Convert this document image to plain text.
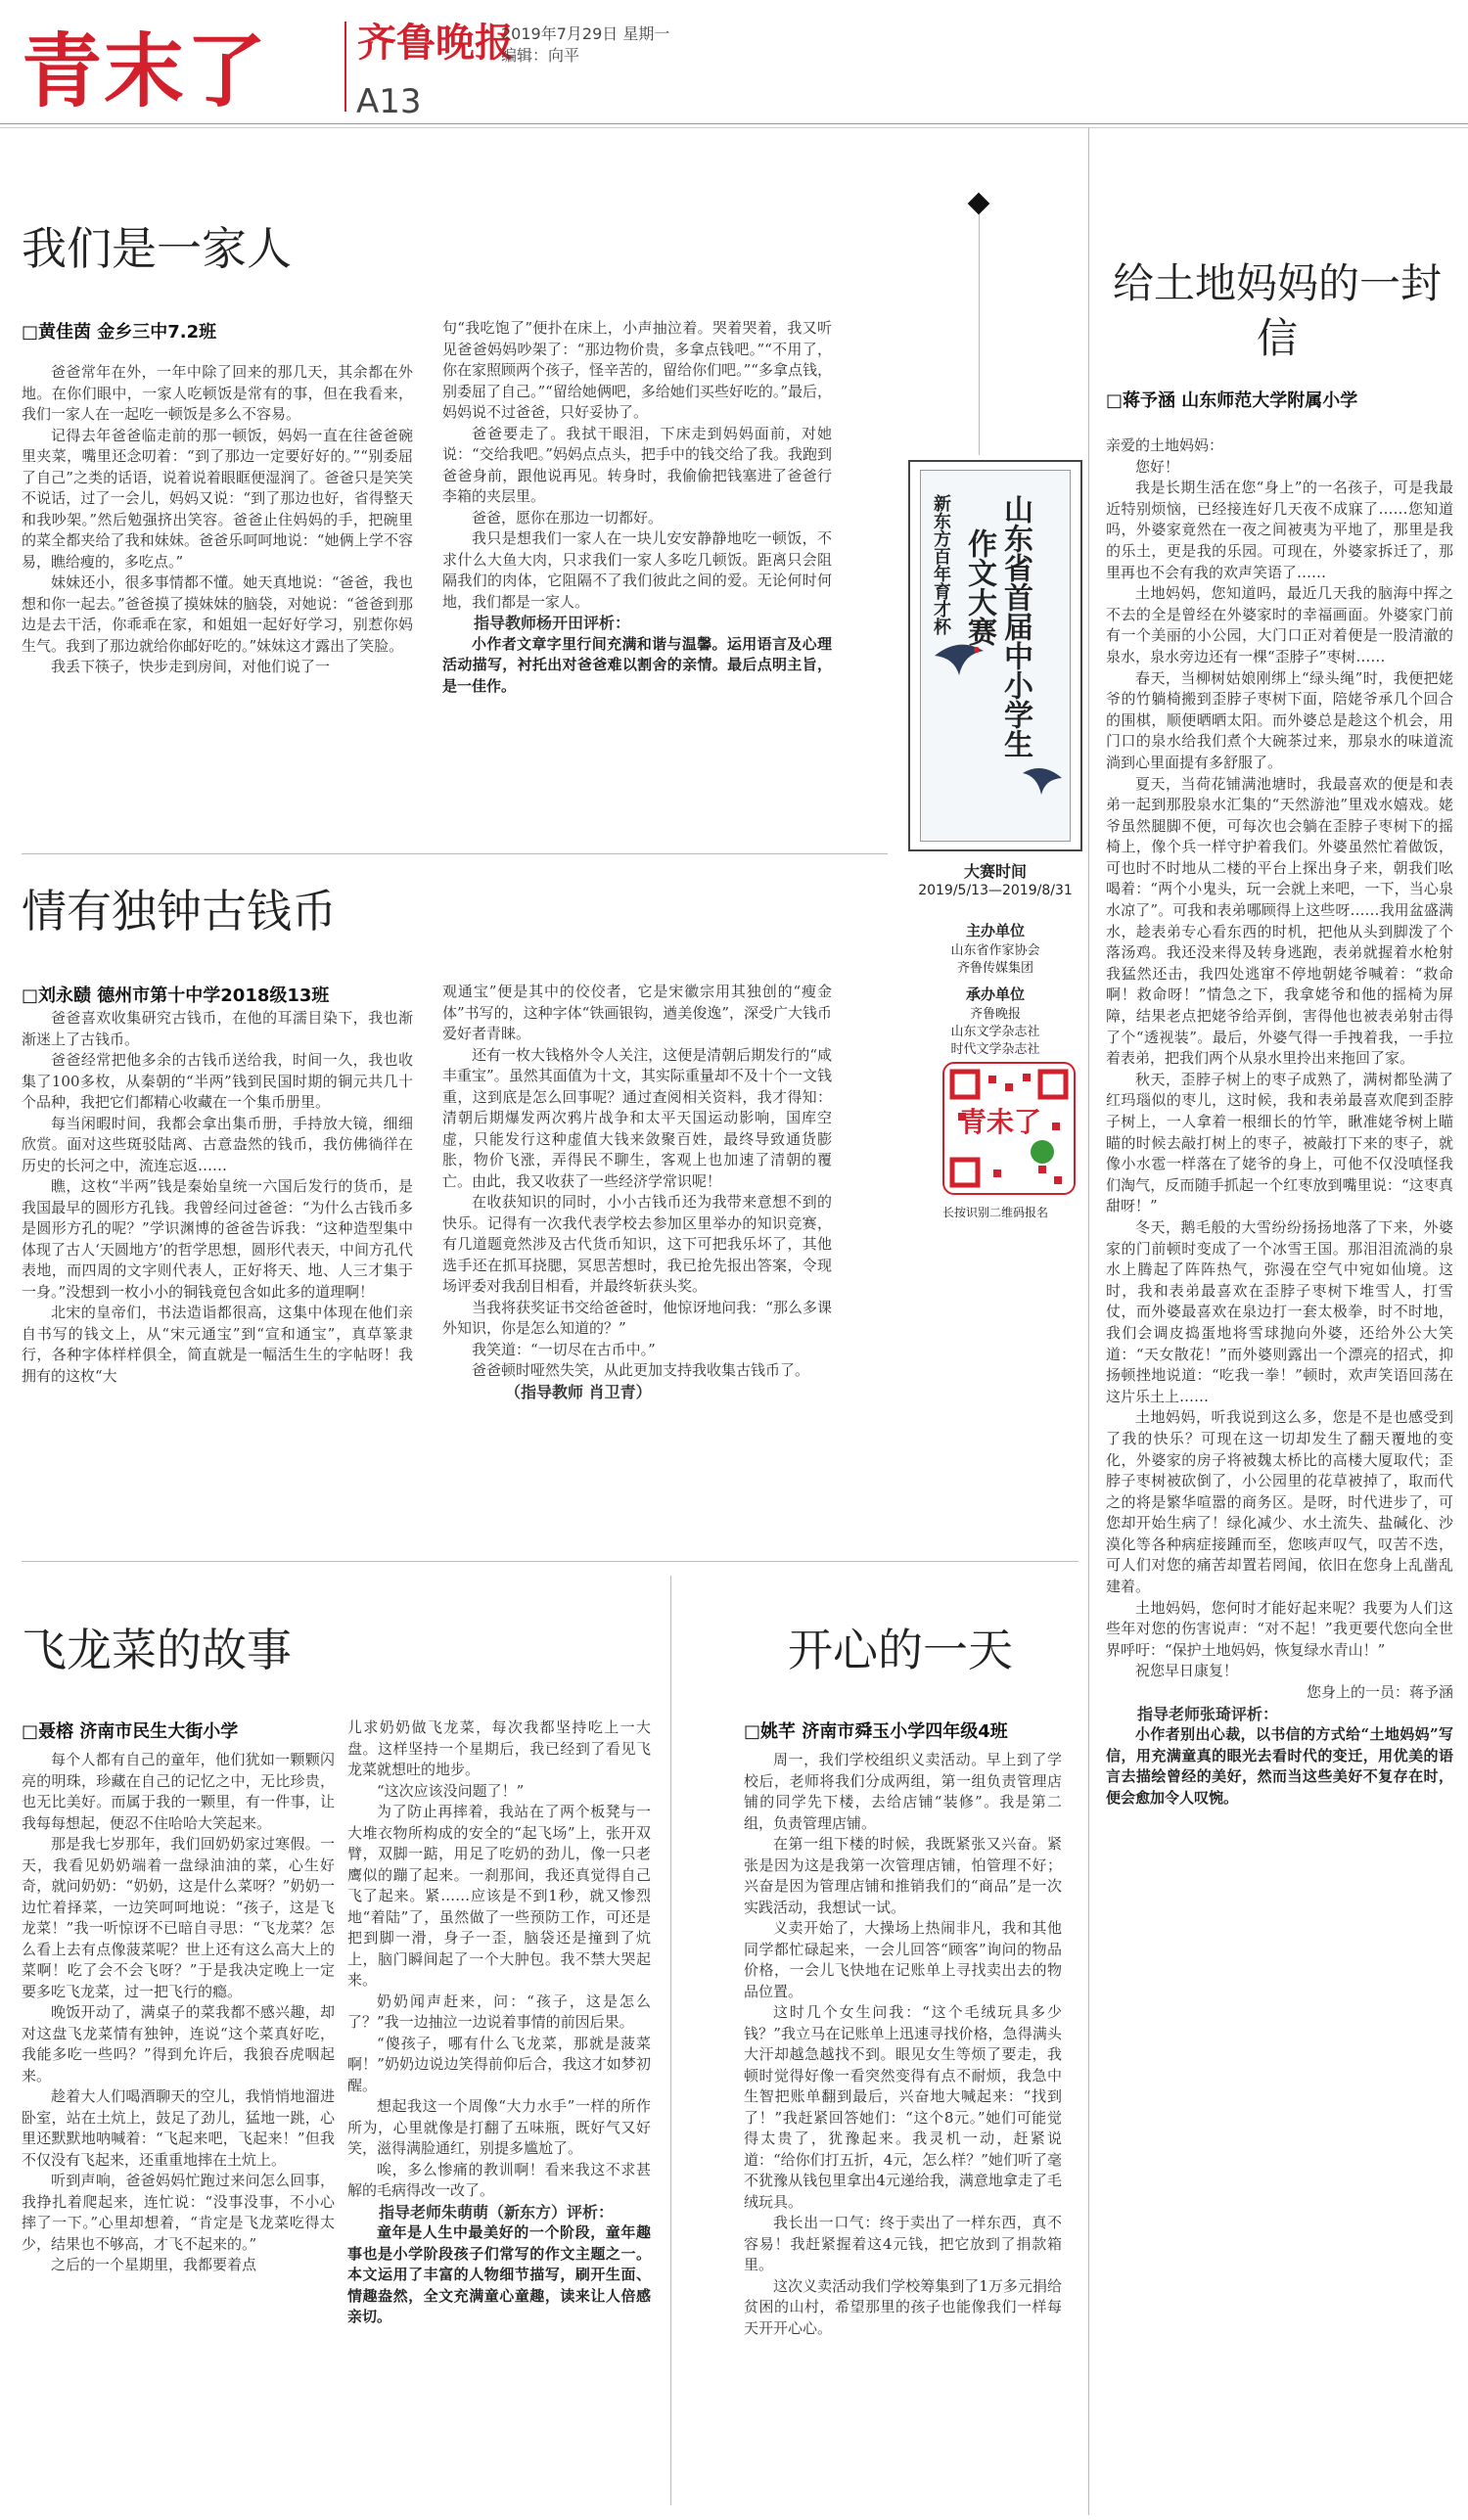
青末了 齐鲁晚报
2019年7月29日 星期一
编辑：向平
A13
我们是一家人
□黄佳茵 金乡三中7.2班

爸爸常年在外，一年中除了回来的那几天，其余都在外地。在你们眼中，一家人吃顿饭是常有的事，但在我看来，我们一家人在一起吃一顿饭是多么不容易。

记得去年爸爸临走前的那一顿饭，妈妈一直在往爸爸碗里夹菜，嘴里还念叨着：“到了那边一定要好好的。”“别委屈了自己”之类的话语，说着说着眼眶便湿润了。爸爸只是笑笑不说话，过了一会儿，妈妈又说：“到了那边也好，省得整天和我吵架。”然后勉强挤出笑容。爸爸止住妈妈的手，把碗里的菜全都夹给了我和妹妹。爸爸乐呵呵地说：“她俩上学不容易，瞧给瘦的，多吃点。”

妹妹还小，很多事情都不懂。她天真地说：“爸爸，我也想和你一起去。”爸爸摸了摸妹妹的脑袋，对她说：“爸爸到那边是去干活，你乖乖在家，和姐姐一起好好学习，别惹你妈生气。我到了那边就给你邮好吃的。”妹妹这才露出了笑脸。

我丢下筷子，快步走到房间，对他们说了一

句“我吃饱了”便扑在床上，小声抽泣着。哭着哭着，我又听见爸爸妈妈吵架了：“那边物价贵，多拿点钱吧。”“不用了，你在家照顾两个孩子，怪辛苦的，留给你们吧。”“多拿点钱，别委屈了自己。”“留给她俩吧，多给她们买些好吃的。”最后，妈妈说不过爸爸，只好妥协了。

爸爸要走了。我拭干眼泪，下床走到妈妈面前，对她说：“交给我吧。”妈妈点点头，把手中的钱交给了我。我跑到爸爸身前，跟他说再见。转身时，我偷偷把钱塞进了爸爸行李箱的夹层里。

爸爸，愿你在那边一切都好。

我只是想我们一家人在一块儿安安静静地吃一顿饭，不求什么大鱼大肉，只求我们一家人多吃几顿饭。距离只会阻隔我们的肉体，它阻隔不了我们彼此之间的爱。无论何时何地，我们都是一家人。

指导教师杨开田评析：
小作者文章字里行间充满和谐与温馨。运用语言及心理活动描写，衬托出对爸爸难以割舍的亲情。最后点明主旨，是一佳作。
情有独钟古钱币
□刘永赜 德州市第十中学2018级13班

爸爸喜欢收集研究古钱币，在他的耳濡目染下，我也渐渐迷上了古钱币。

爸爸经常把他多余的古钱币送给我，时间一久，我也收集了100多枚，从秦朝的“半两”钱到民国时期的铜元共几十个品种，我把它们都精心收藏在一个集币册里。

每当闲暇时间，我都会拿出集币册，手持放大镜，细细欣赏。面对这些斑驳陆离、古意盎然的钱币，我仿佛徜徉在历史的长河之中，流连忘返……

瞧，这枚“半两”钱是秦始皇统一六国后发行的货币，是我国最早的圆形方孔钱。我曾经问过爸爸：“为什么古钱币多是圆形方孔的呢？”学识渊博的爸爸告诉我：“这种造型集中体现了古人‘天圆地方’的哲学思想，圆形代表天，中间方孔代表地，而四周的文字则代表人，正好将天、地、人三才集于一身。”没想到一枚小小的铜钱竟包含如此多的道理啊！

北宋的皇帝们，书法造诣都很高，这集中体现在他们亲自书写的钱文上，从“宋元通宝”到“宣和通宝”，真草篆隶行，各种字体样样俱全，简直就是一幅活生生的字帖呀！我拥有的这枚“大

观通宝”便是其中的佼佼者，它是宋徽宗用其独创的“瘦金体”书写的，这种字体“铁画银钩，遒美俊逸”，深受广大钱币爱好者青睐。

还有一枚大钱格外令人关注，这便是清朝后期发行的“咸丰重宝”。虽然其面值为十文，其实际重量却不及十个一文钱重，这到底是怎么回事呢？通过查阅相关资料，我才得知：清朝后期爆发两次鸦片战争和太平天国运动影响，国库空虚，只能发行这种虚值大钱来敛聚百姓，最终导致通货膨胀，物价飞涨，弄得民不聊生，客观上也加速了清朝的覆亡。由此，我又收获了一些经济学常识呢！

在收获知识的同时，小小古钱币还为我带来意想不到的快乐。记得有一次我代表学校去参加区里举办的知识竞赛，有几道题竟然涉及古代货币知识，这下可把我乐坏了，其他选手还在抓耳挠腮，冥思苦想时，我已抢先报出答案，令现场评委对我刮目相看，并最终斩获头奖。

当我将获奖证书交给爸爸时，他惊讶地问我：“那么多课外知识，你是怎么知道的？”

我笑道：“一切尽在古币中。”

爸爸顿时哑然失笑，从此更加支持我收集古钱币了。

（指导教师 肖卫青）
飞龙菜的故事
□聂榕 济南市民生大街小学

每个人都有自己的童年，他们犹如一颗颗闪亮的明珠，珍藏在自己的记忆之中，无比珍贵，也无比美好。而属于我的一颗里，有一件事，让我每每想起，便忍不住哈哈大笑起来。

那是我七岁那年，我们回奶奶家过寒假。一天，我看见奶奶端着一盘绿油油的菜，心生好奇，就问奶奶：“奶奶，这是什么菜呀？”奶奶一边忙着择菜，一边笑呵呵地说：“孩子，这是飞龙菜！”我一听惊讶不已暗自寻思：“飞龙菜？怎么看上去有点像菠菜呢？世上还有这么高大上的菜啊！吃了会不会飞呀？”于是我决定晚上一定要多吃飞龙菜，过一把飞行的瘾。

晚饭开动了，满桌子的菜我都不感兴趣，却对这盘飞龙菜情有独钟，连说“这个菜真好吃，我能多吃一些吗？”得到允许后，我狼吞虎咽起来。

趁着大人们喝酒聊天的空儿，我悄悄地溜进卧室，站在土炕上，鼓足了劲儿，猛地一跳，心里还默默地呐喊着：“飞起来吧，飞起来！”但我不仅没有飞起来，还重重地摔在土炕上。

听到声响，爸爸妈妈忙跑过来问怎么回事，我挣扎着爬起来，连忙说：“没事没事，不小心摔了一下。”心里却想着，“肯定是飞龙菜吃得太少，结果也不够高，才飞不起来的。”

之后的一个星期里，我都要着点

儿求奶奶做飞龙菜，每次我都坚持吃上一大盘。这样坚持一个星期后，我已经到了看见飞龙菜就想吐的地步。

“这次应该没问题了！”

为了防止再摔着，我站在了两个板凳与一大堆衣物所构成的安全的“起飞场”上，张开双臂，双脚一踮，用足了吃奶的劲儿，像一只老鹰似的蹦了起来。一刹那间，我还真觉得自己飞了起来。紧……应该是不到1秒，就又惨烈地“着陆”了，虽然做了一些预防工作，可还是把到脚一滑，身子一歪，脑袋还是撞到了炕上，脑门瞬间起了一个大肿包。我不禁大哭起来。

奶奶闻声赶来，问：“孩子，这是怎么了？”我一边抽泣一边说着事情的前因后果。

“傻孩子，哪有什么飞龙菜，那就是菠菜啊！”奶奶边说边笑得前仰后合，我这才如梦初醒。

想起我这一个周像“大力水手”一样的所作所为，心里就像是打翻了五味瓶，既好气又好笑，滋得满脸通红，别提多尴尬了。

唉，多么惨痛的教训啊！看来我这不求甚解的毛病得改一改了。

指导老师朱萌萌（新东方）评析：
童年是人生中最美好的一个阶段，童年趣事也是小学阶段孩子们常写的作文主题之一。本文运用了丰富的人物细节描写，刷开生面、情趣盎然，全文充满童心童趣，读来让人倍感亲切。
开心的一天
□姚芊 济南市舜玉小学四年级4班

周一，我们学校组织义卖活动。早上到了学校后，老师将我们分成两组，第一组负责管理店铺的同学先下楼，去给店铺“装修”。我是第二组，负责管理店铺。

在第一组下楼的时候，我既紧张又兴奋。紧张是因为这是我第一次管理店铺，怕管理不好；兴奋是因为管理店铺和推销我们的“商品”是一次实践活动，我想试一试。

义卖开始了，大操场上热闹非凡，我和其他同学都忙碌起来，一会儿回答“顾客”询问的物品价格，一会儿飞快地在记账单上寻找卖出去的物品位置。

这时几个女生问我：“这个毛绒玩具多少钱？”我立马在记账单上迅速寻找价格，急得满头大汗却越急越找不到。眼见女生等烦了要走，我顿时觉得好像一看突然变得有点不耐烦，我急中生智把账单翻到最后，兴奋地大喊起来：“找到了！”我赶紧回答她们：“这个8元。”她们可能觉得太贵了，犹豫起来。我灵机一动，赶紧说道：“给你们打五折，4元，怎么样？”她们听了毫不犹豫从钱包里拿出4元递给我，满意地拿走了毛绒玩具。

我长出一口气：终于卖出了一样东西，真不容易！我赶紧握着这4元钱，把它放到了捐款箱里。

这次义卖活动我们学校筹集到了1万多元捐给贫困的山村，希望那里的孩子也能像我们一样每天开开心心。

新东方百年育才杯 山东省首届中小学生
作文大赛
大赛时间
2019/5/13—2019/8/31
主办单位
山东省作家协会
齐鲁传媒集团
承办单位
齐鲁晚报
山东文学杂志社
时代文学杂志社
青未了
长按识别二维码报名
给土地妈妈的一封信
□蒋予涵 山东师范大学附属小学

亲爱的土地妈妈：

您好！

我是长期生活在您“身上”的一名孩子，可是我最近特别烦恼，已经接连好几天夜不成寐了……您知道吗，外婆家竟然在一夜之间被夷为平地了，那里是我的乐土，更是我的乐园。可现在，外婆家拆迁了，那里再也不会有我的欢声笑语了……

土地妈妈，您知道吗，最近几天我的脑海中挥之不去的全是曾经在外婆家时的幸福画面。外婆家门前有一个美丽的小公园，大门口正对着便是一股清澈的泉水，泉水旁边还有一棵“歪脖子”枣树……

春天，当柳树姑娘刚绑上“绿头绳”时，我便把姥爷的竹躺椅搬到歪脖子枣树下面，陪姥爷承几个回合的围棋，顺便晒晒太阳。而外婆总是趁这个机会，用门口的泉水给我们煮个大碗茶过来，那泉水的味道流淌到心里面提有多舒服了。

夏天，当荷花铺满池塘时，我最喜欢的便是和表弟一起到那股泉水汇集的“天然游池”里戏水嬉戏。姥爷虽然腿脚不便，可每次也会躺在歪脖子枣树下的摇椅上，像个兵一样守护着我们。外婆虽然忙着做饭，可也时不时地从二楼的平台上探出身子来，朝我们吆喝着：“两个小鬼头，玩一会就上来吧，一下，当心泉水凉了”。可我和表弟哪顾得上这些呀……我用盆盛满水，趁表弟专心看东西的时机，把他从头到脚泼了个落汤鸡。我还没来得及转身逃跑，表弟就握着水枪射我猛然还击，我四处逃窜不停地朝姥爷喊着：“救命啊！救命呀！”情急之下，我拿姥爷和他的摇椅为屏障，结果老点把姥爷给弄倒，害得他也被表弟射击得了个“透视装”。最后，外婆气得一手拽着我，一手拉着表弟，把我们两个从泉水里拎出来拖回了家。

秋天，歪脖子树上的枣子成熟了，满树都坠满了红玛瑙似的枣儿，这时候，我和表弟最喜欢爬到歪脖子树上，一人拿着一根细长的竹竿，瞅准姥爷树上瞄瞄的时候去敲打树上的枣子，被敲打下来的枣子，就像小水雹一样落在了姥爷的身上，可他不仅没嗔怪我们淘气，反而随手抓起一个红枣放到嘴里说：“这枣真甜呀！”

冬天，鹅毛般的大雪纷纷扬扬地落了下来，外婆家的门前顿时变成了一个冰雪王国。那泪泪流淌的泉水上腾起了阵阵热气，弥漫在空气中宛如仙境。这时，我和表弟最喜欢在歪脖子枣树下堆雪人，打雪仗，而外婆最喜欢在泉边打一套太极拳，时不时地，我们会调皮捣蛋地将雪球抛向外婆，还给外公大笑道：“天女散花！”而外婆则露出一个漂亮的招式，抑扬顿挫地说道：“吃我一拳！”顿时，欢声笑语回荡在这片乐土上……

土地妈妈，听我说到这么多，您是不是也感受到了我的快乐？可现在这一切却发生了翻天覆地的变化，外婆家的房子将被魏太桥比的高楼大厦取代；歪脖子枣树被砍倒了，小公园里的花草被掉了，取而代之的将是繁华喧嚣的商务区。是呀，时代进步了，可您却开始生病了！绿化减少、水土流失、盐碱化、沙漠化等各种病症接踵而至，您咳声叹气，叹苦不迭，可人们对您的痛苦却置若罔闻，依旧在您身上乱凿乱建着。

土地妈妈，您何时才能好起来呢？我要为人们这些年对您的伤害说声：“对不起！”我更要代您向全世界呼吁：“保护土地妈妈，恢复绿水青山！”

祝您早日康复！

您身上的一员：蒋予涵
指导老师张琦评析：
小作者别出心裁，以书信的方式给“土地妈妈”写信，用充满童真的眼光去看时代的变迁，用优美的语言去描绘曾经的美好，然而当这些美好不复存在时，便会愈加令人叹惋。
